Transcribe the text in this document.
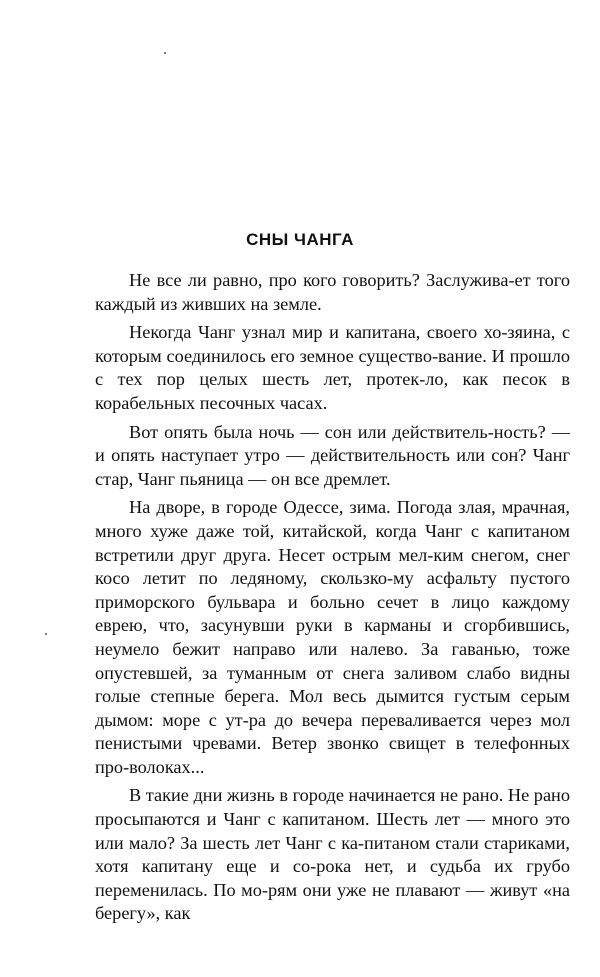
СНЫ ЧАНГА

Не все ли равно, про кого говорить? Заслужива-ет того каждый из живших на земле.

Некогда Чанг узнал мир и капитана, своего хо-зяина, с которым соединилось его земное существо-вание. И прошло с тех пор целых шесть лет, протек-ло, как песок в корабельных песочных часах.

Вот опять была ночь — сон или действитель-ность? — и опять наступает утро — действительность или сон? Чанг стар, Чанг пьяница — он все дремлет.

На дворе, в городе Одессе, зима. Погода злая, мрачная, много хуже даже той, китайской, когда Чанг с капитаном встретили друг друга. Несет острым мел-ким снегом, снег косо летит по ледяному, скользко-му асфальту пустого приморского бульвара и больно сечет в лицо каждому еврею, что, засунувши руки в карманы и сгорбившись, неумело бежит направо или налево. За гаванью, тоже опустевшей, за туманным от снега заливом слабо видны голые степные берега. Мол весь дымится густым серым дымом: море с ут-ра до вечера переваливается через мол пенистыми чревами. Ветер звонко свищет в телефонных про-волоках...

В такие дни жизнь в городе начинается не рано. Не рано просыпаются и Чанг с капитаном. Шесть лет — много это или мало? За шесть лет Чанг с ка-питаном стали стариками, хотя капитану еще и со-рока нет, и судьба их грубо переменилась. По мо-рям они уже не плавают — живут «на берегу», как
